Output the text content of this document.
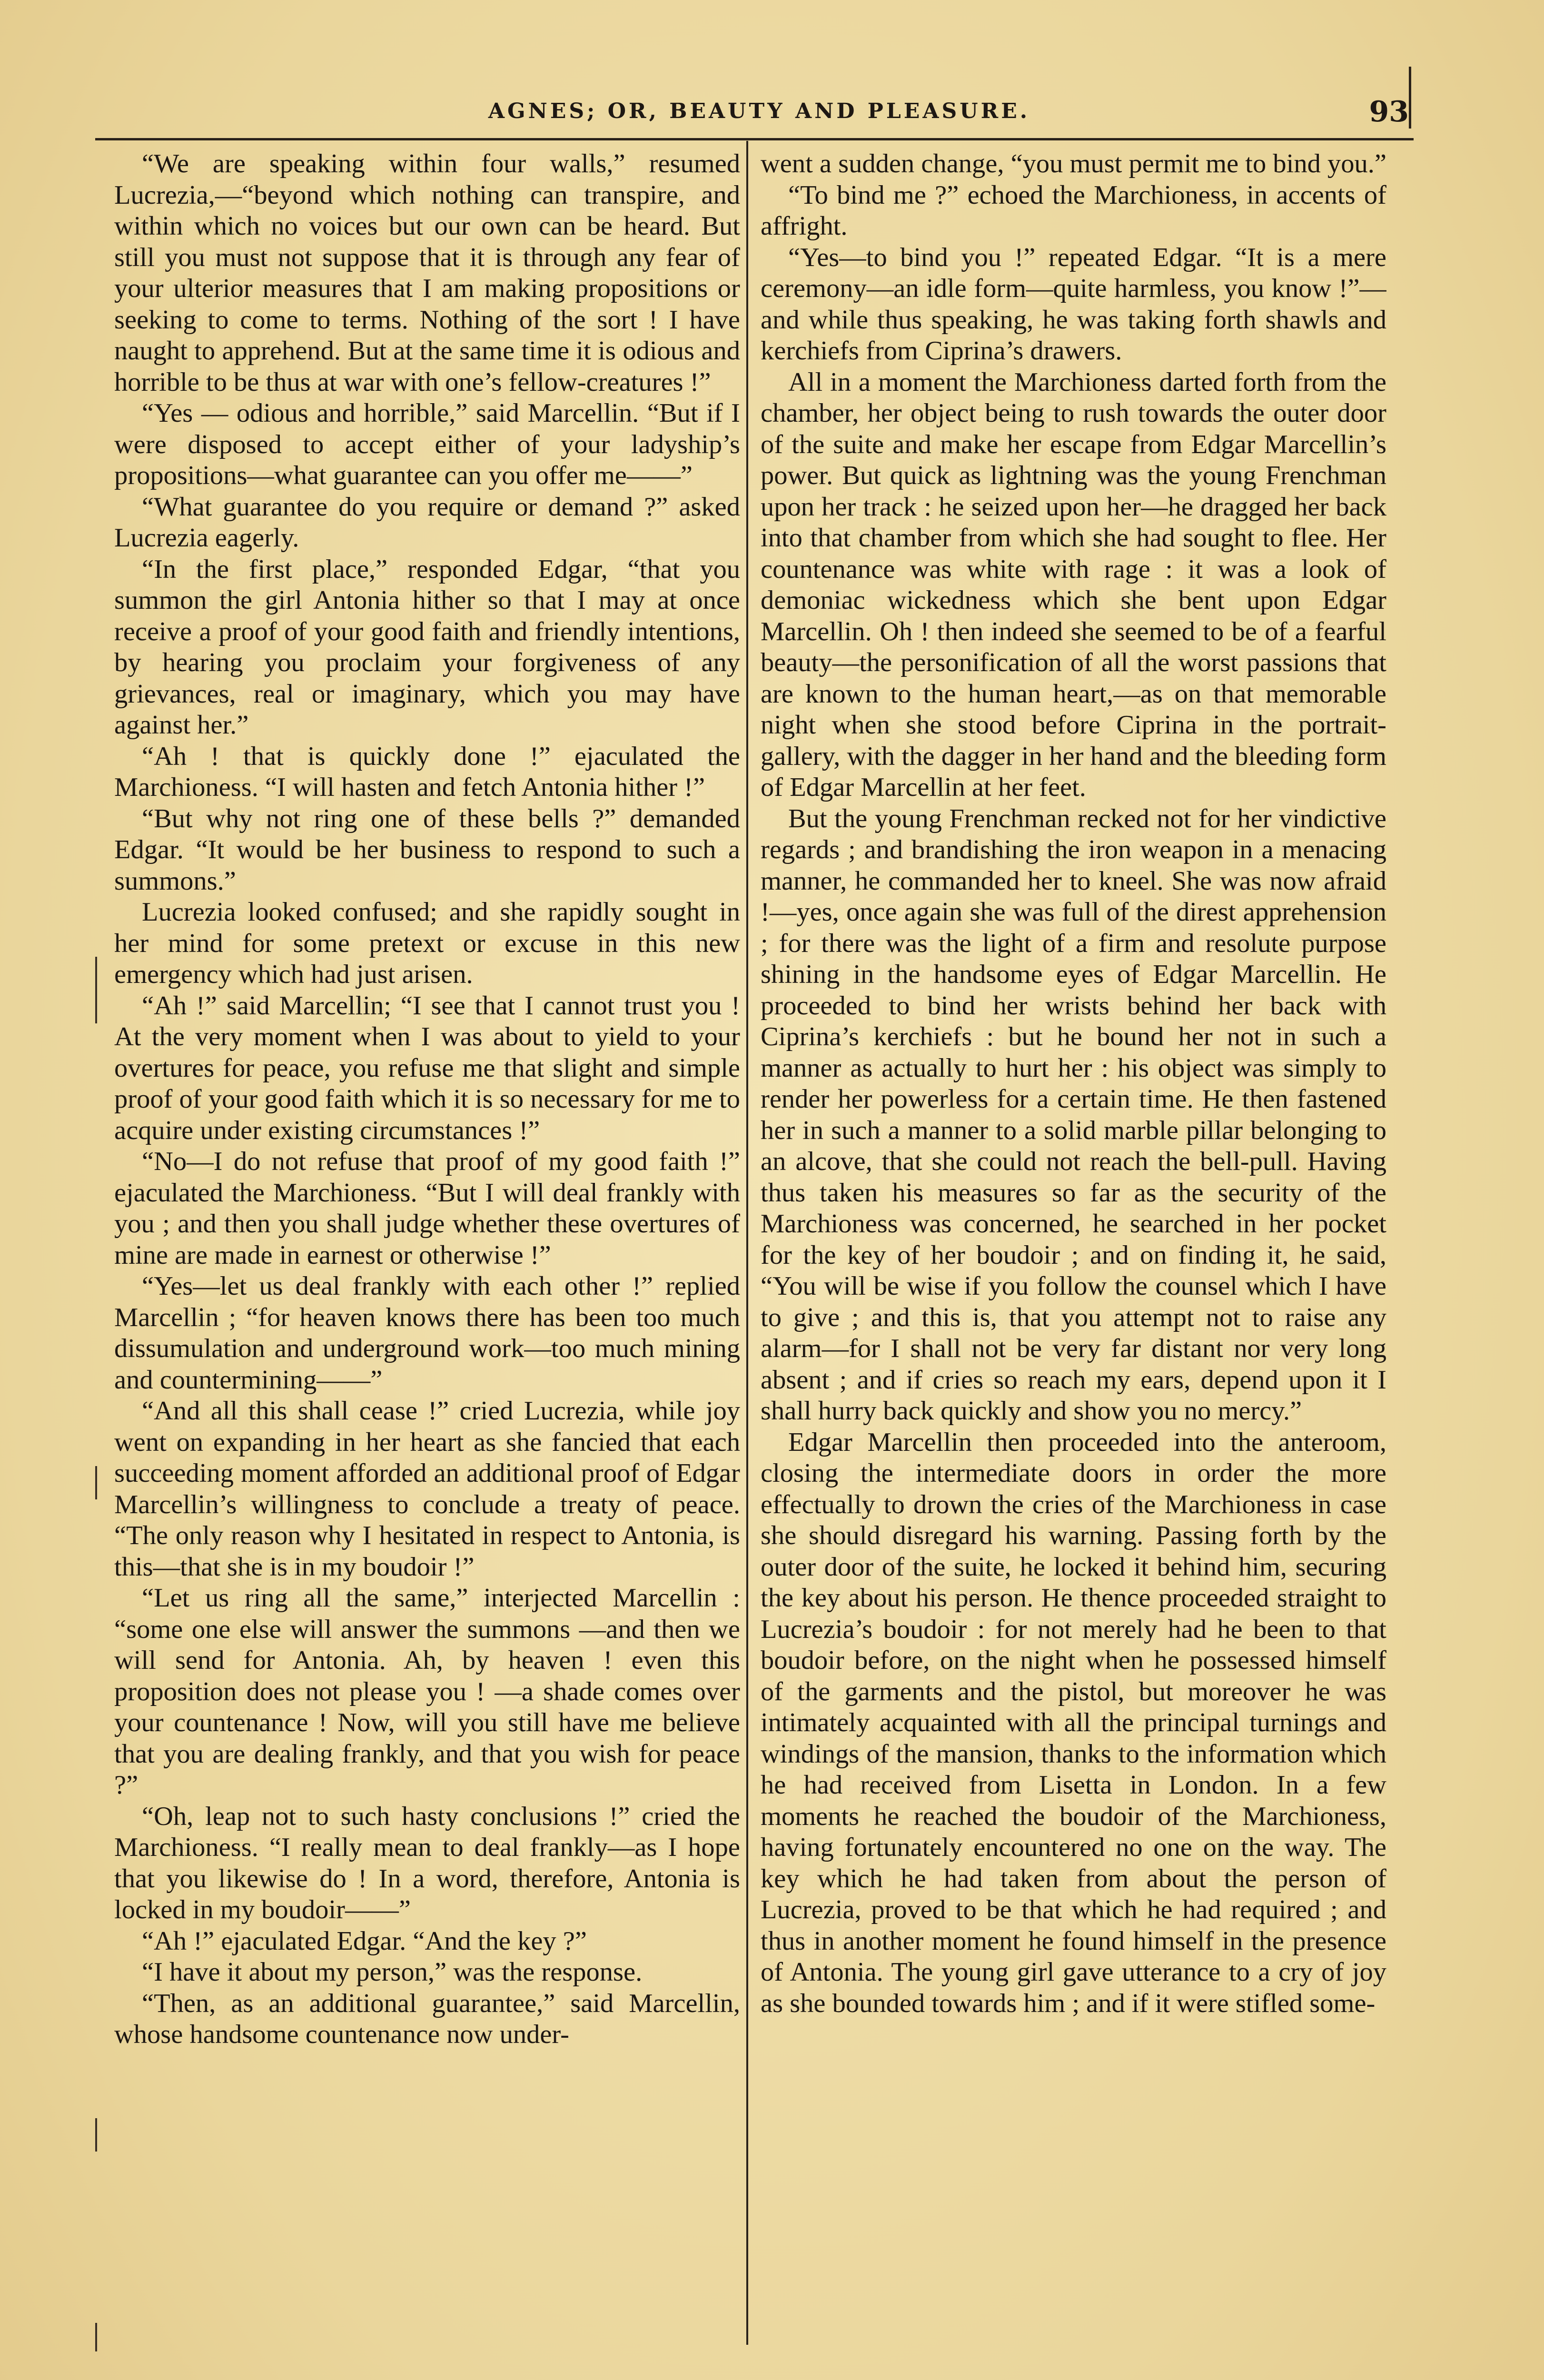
AGNES; OR, BEAUTY AND PLEASURE.	93

“We are speaking within four walls,” resumed Lucrezia,—“beyond which nothing can transpire, and within which no voices but our own can be heard. But still you must not suppose that it is through any fear of your ulterior measures that I am making propositions or seeking to come to terms. Nothing of the sort ! I have naught to apprehend. But at the same time it is odious and horrible to be thus at war with one’s fellow-creatures !”

“Yes — odious and horrible,” said Marcellin. “But if I were disposed to accept either of your ladyship’s propositions—what guarantee can you offer me——”

“What guarantee do you require or demand ?” asked Lucrezia eagerly.

“In the first place,” responded Edgar, “that you summon the girl Antonia hither so that I may at once receive a proof of your good faith and friendly intentions, by hearing you proclaim your forgiveness of any grievances, real or imaginary, which you may have against her.”

“Ah ! that is quickly done !” ejaculated the Marchioness. “I will hasten and fetch Antonia hither !”

“But why not ring one of these bells ?” demanded Edgar. “It would be her business to respond to such a summons.”

Lucrezia looked confused; and she rapidly sought in her mind for some pretext or excuse in this new emergency which had just arisen.

“Ah !” said Marcellin; “I see that I cannot trust you ! At the very moment when I was about to yield to your overtures for peace, you refuse me that slight and simple proof of your good faith which it is so necessary for me to acquire under existing circumstances !”

“No—I do not refuse that proof of my good faith !” ejaculated the Marchioness. “But I will deal frankly with you ; and then you shall judge whether these overtures of mine are made in earnest or otherwise !”

“Yes—let us deal frankly with each other !” replied Marcellin ; “for heaven knows there has been too much dissumulation and underground work—too much mining and countermining——”

“And all this shall cease !” cried Lucrezia, while joy went on expanding in her heart as she fancied that each succeeding moment afforded an additional proof of Edgar Marcellin’s willingness to conclude a treaty of peace. “The only reason why I hesitated in respect to Antonia, is this—that she is in my boudoir !”

“Let us ring all the same,” interjected Marcellin : “some one else will answer the summons —and then we will send for Antonia. Ah, by heaven ! even this proposition does not please you ! —a shade comes over your countenance ! Now, will you still have me believe that you are dealing frankly, and that you wish for peace ?”

“Oh, leap not to such hasty conclusions !” cried the Marchioness. “I really mean to deal frankly—as I hope that you likewise do ! In a word, therefore, Antonia is locked in my boudoir——”

“Ah !” ejaculated Edgar. “And the key ?”

“I have it about my person,” was the response.

“Then, as an additional guarantee,” said Marcellin, whose handsome countenance now under-

went a sudden change, “you must permit me to bind you.”

“To bind me ?” echoed the Marchioness, in accents of affright.

“Yes—to bind you !” repeated Edgar. “It is a mere ceremony—an idle form—quite harmless, you know !”—and while thus speaking, he was taking forth shawls and kerchiefs from Ciprina’s drawers.

All in a moment the Marchioness darted forth from the chamber, her object being to rush towards the outer door of the suite and make her escape from Edgar Marcellin’s power. But quick as lightning was the young Frenchman upon her track : he seized upon her—he dragged her back into that chamber from which she had sought to flee. Her countenance was white with rage : it was a look of demoniac wickedness which she bent upon Edgar Marcellin. Oh ! then indeed she seemed to be of a fearful beauty—the personification of all the worst passions that are known to the human heart,—as on that memorable night when she stood before Ciprina in the portrait-gallery, with the dagger in her hand and the bleeding form of Edgar Marcellin at her feet.

But the young Frenchman recked not for her vindictive regards ; and brandishing the iron weapon in a menacing manner, he commanded her to kneel. She was now afraid !—yes, once again she was full of the direst apprehension ; for there was the light of a firm and resolute purpose shining in the handsome eyes of Edgar Marcellin. He proceeded to bind her wrists behind her back with Ciprina’s kerchiefs : but he bound her not in such a manner as actually to hurt her : his object was simply to render her powerless for a certain time. He then fastened her in such a manner to a solid marble pillar belonging to an alcove, that she could not reach the bell-pull. Having thus taken his measures so far as the security of the Marchioness was concerned, he searched in her pocket for the key of her boudoir ; and on finding it, he said, “You will be wise if you follow the counsel which I have to give ; and this is, that you attempt not to raise any alarm—for I shall not be very far distant nor very long absent ; and if cries so reach my ears, depend upon it I shall hurry back quickly and show you no mercy.”

Edgar Marcellin then proceeded into the anteroom, closing the intermediate doors in order the more effectually to drown the cries of the Marchioness in case she should disregard his warning. Passing forth by the outer door of the suite, he locked it behind him, securing the key about his person. He thence proceeded straight to Lucrezia’s boudoir : for not merely had he been to that boudoir before, on the night when he possessed himself of the garments and the pistol, but moreover he was intimately acquainted with all the principal turnings and windings of the mansion, thanks to the information which he had received from Lisetta in London. In a few moments he reached the boudoir of the Marchioness, having fortunately encountered no one on the way. The key which he had taken from about the person of Lucrezia, proved to be that which he had required ; and thus in another moment he found himself in the presence of Antonia. The young girl gave utterance to a cry of joy as she bounded towards him ; and if it were stifled some-
